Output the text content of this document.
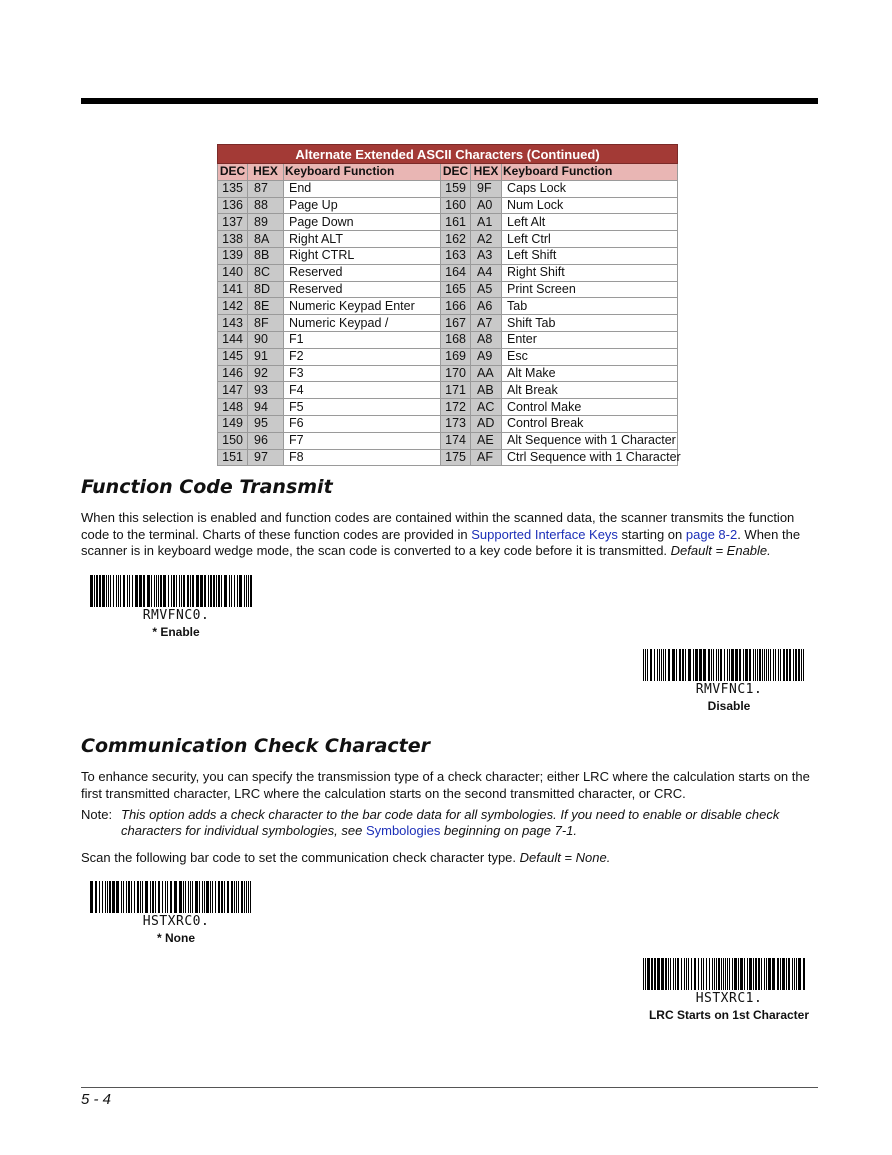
Alternate Extended ASCII Characters (Continued)					
DEC	HEX	Keyboard Function	DEC	HEX	Keyboard Function
135	87	End	159	9F	Caps Lock
136	88	Page Up	160	A0	Num Lock
137	89	Page Down	161	A1	Left Alt
138	8A	Right ALT	162	A2	Left Ctrl
139	8B	Right CTRL	163	A3	Left Shift
140	8C	Reserved	164	A4	Right Shift
141	8D	Reserved	165	A5	Print Screen
142	8E	Numeric Keypad Enter	166	A6	Tab
143	8F	Numeric Keypad /	167	A7	Shift Tab
144	90	F1	168	A8	Enter
145	91	F2	169	A9	Esc
146	92	F3	170	AA	Alt Make
147	93	F4	171	AB	Alt Break
148	94	F5	172	AC	Control Make
149	95	F6	173	AD	Control Break
150	96	F7	174	AE	Alt Sequence with 1 Character
151	97	F8	175	AF	Ctrl Sequence with 1 Character
Function Code Transmit

When this selection is enabled and function codes are contained within the scanned data, the scanner transmits the function code to the terminal. Charts of these function codes are provided in Supported Interface Keys starting on page 8-2. When the scanner is in keyboard wedge mode, the scan code is converted to a key code before it is transmitted. Default = Enable.

RMVFNC0.
* Enable
RMVFNC1.
Disable
Communication Check Character

To enhance security, you can specify the transmission type of a check character; either LRC where the calculation starts on the first transmitted character, LRC where the calculation starts on the second transmitted character, or CRC.

Note: This option adds a check character to the bar code data for all symbologies. If you need to enable or disable check characters for individual symbologies, see Symbologies beginning on page 7-1.

Scan the following bar code to set the communication check character type. Default = None.

HSTXRC0.
* None
HSTXRC1.
LRC Starts on 1st Character
5 - 4
